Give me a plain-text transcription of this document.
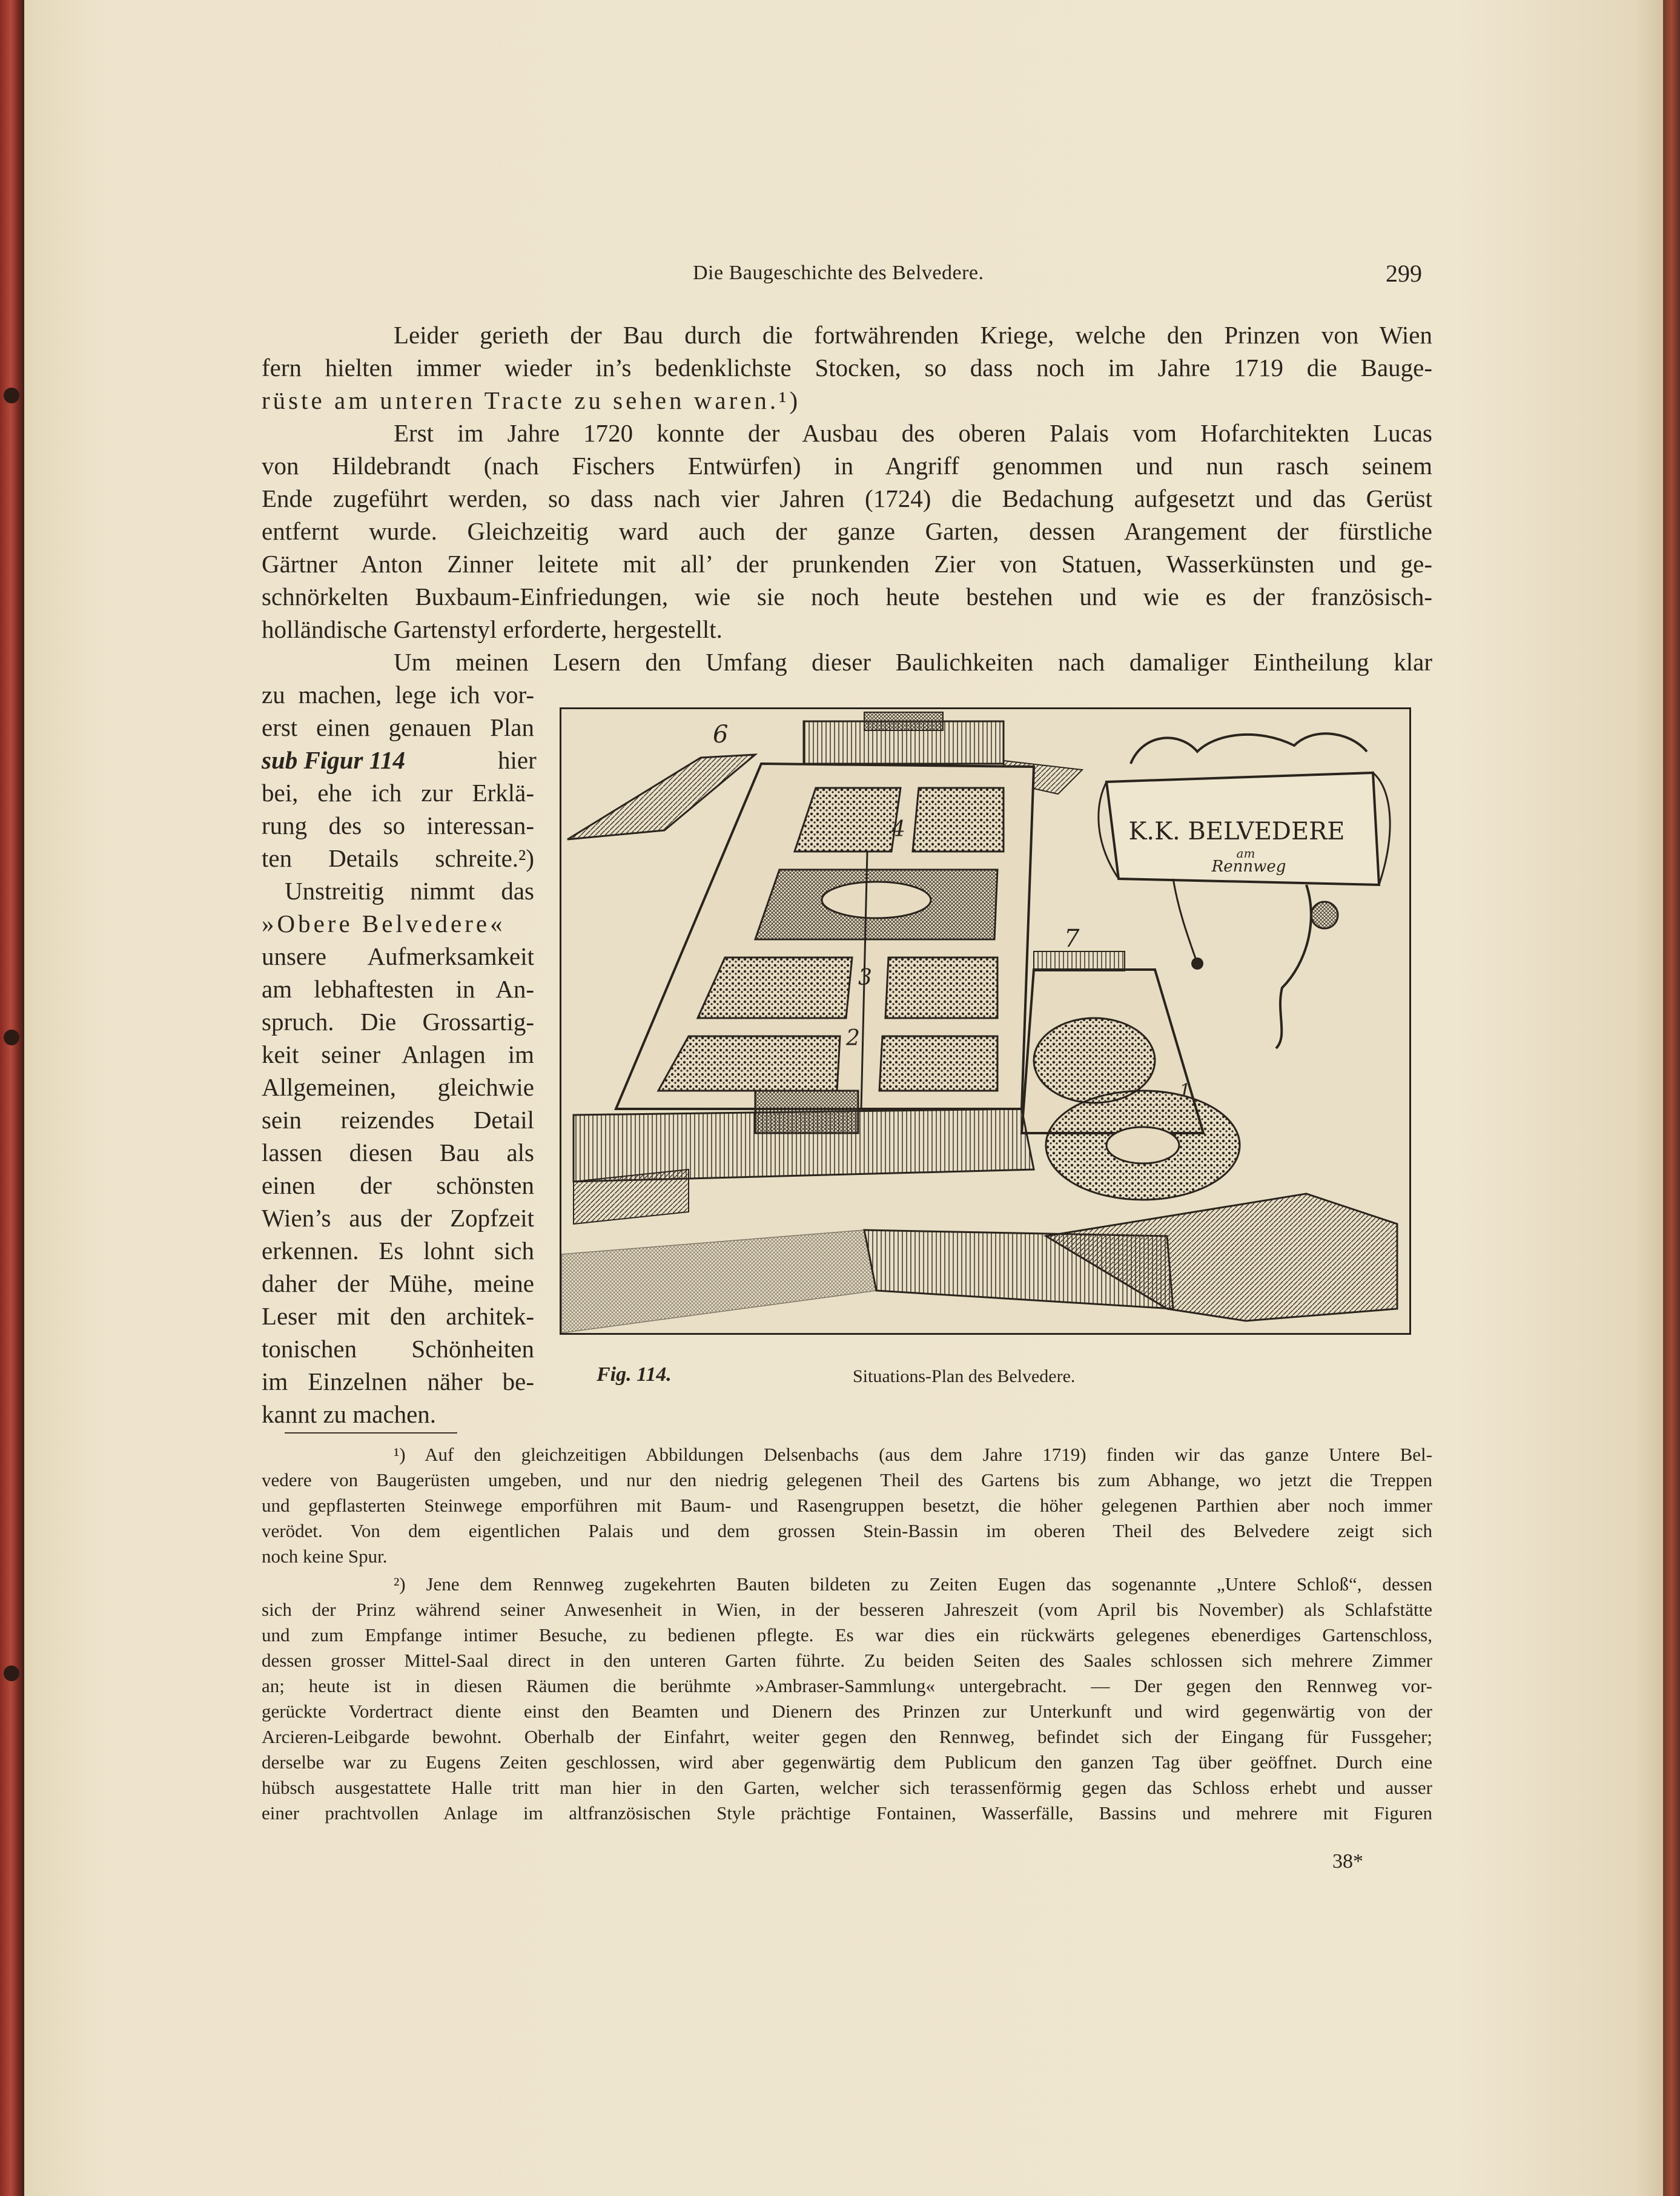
Die Baugeschichte des Belvedere.	299

Leider gerieth der Bau durch die fortwährenden Kriege, welche den Prinzen von Wien

fern hielten immer wieder in’s bedenklichste Stocken, so dass noch im Jahre 1719 die Bauge-

rüste am unteren Tracte zu sehen waren.¹)

Erst im Jahre 1720 konnte der Ausbau des oberen Palais vom Hofarchitekten Lucas

von Hildebrandt (nach Fischers Entwürfen) in Angriff genommen und nun rasch seinem

Ende zugeführt werden, so dass nach vier Jahren (1724) die Bedachung aufgesetzt und das Gerüst

entfernt wurde. Gleichzeitig ward auch der ganze Garten, dessen Arangement der fürstliche

Gärtner Anton Zinner leitete mit all’ der prunkenden Zier von Statuen, Wasserkünsten und ge-

schnörkelten Buxbaum-Einfriedungen, wie sie noch heute bestehen und wie es der französisch-

holländische Gartenstyl erforderte, hergestellt.

Um meinen Lesern den Umfang dieser Baulichkeiten nach damaliger Eintheilung klar

zu machen, lege ich vor-

erst einen genauen Plan

sub Figur 114	hier

bei, ehe ich zur Erklä-

rung des so interessan-

ten Details schreite.²)

Unstreitig nimmt das

»Obere Belvedere«

unsere Aufmerksamkeit

am lebhaftesten in An-

spruch. Die Grossartig-

keit seiner Anlagen im

Allgemeinen, gleichwie

sein reizendes Detail

lassen diesen Bau als

einen der schönsten

Wien’s aus der Zopfzeit

erkennen. Es lohnt sich

daher der Mühe, meine

Leser mit den architek-

tonischen Schönheiten

im Einzelnen näher be-

kannt zu machen.

6
4
3
2
7
1
K.K. BELVEDERE
am
Rennweg
Fig. 114.	Situations-Plan des Belvedere.

¹) Auf den gleichzeitigen Abbildungen Delsenbachs (aus dem Jahre 1719) finden wir das ganze Untere Bel-

vedere von Baugerüsten umgeben, und nur den niedrig gelegenen Theil des Gartens bis zum Abhange, wo jetzt die Treppen

und gepflasterten Steinwege emporführen mit Baum- und Rasengruppen besetzt, die höher gelegenen Parthien aber noch immer

verödet. Von dem eigentlichen Palais und dem grossen Stein-Bassin im oberen Theil des Belvedere zeigt sich

noch keine Spur.

²) Jene dem Rennweg zugekehrten Bauten bildeten zu Zeiten Eugen das sogenannte „Untere Schloß“, dessen

sich der Prinz während seiner Anwesenheit in Wien, in der besseren Jahreszeit (vom April bis November) als Schlafstätte

und zum Empfange intimer Besuche, zu bedienen pflegte. Es war dies ein rückwärts gelegenes ebenerdiges Gartenschloss,

dessen grosser Mittel-Saal direct in den unteren Garten führte. Zu beiden Seiten des Saales schlossen sich mehrere Zimmer

an; heute ist in diesen Räumen die berühmte »Ambraser-Sammlung« untergebracht. — Der gegen den Rennweg vor-

gerückte Vordertract diente einst den Beamten und Dienern des Prinzen zur Unterkunft und wird gegenwärtig von der

Arcieren-Leibgarde bewohnt. Oberhalb der Einfahrt, weiter gegen den Rennweg, befindet sich der Eingang für Fussgeher;

derselbe war zu Eugens Zeiten geschlossen, wird aber gegenwärtig dem Publicum den ganzen Tag über geöffnet. Durch eine

hübsch ausgestattete Halle tritt man hier in den Garten, welcher sich terassenförmig gegen das Schloss erhebt und ausser

einer prachtvollen Anlage im altfranzösischen Style prächtige Fontainen, Wasserfälle, Bassins und mehrere mit Figuren

38*
